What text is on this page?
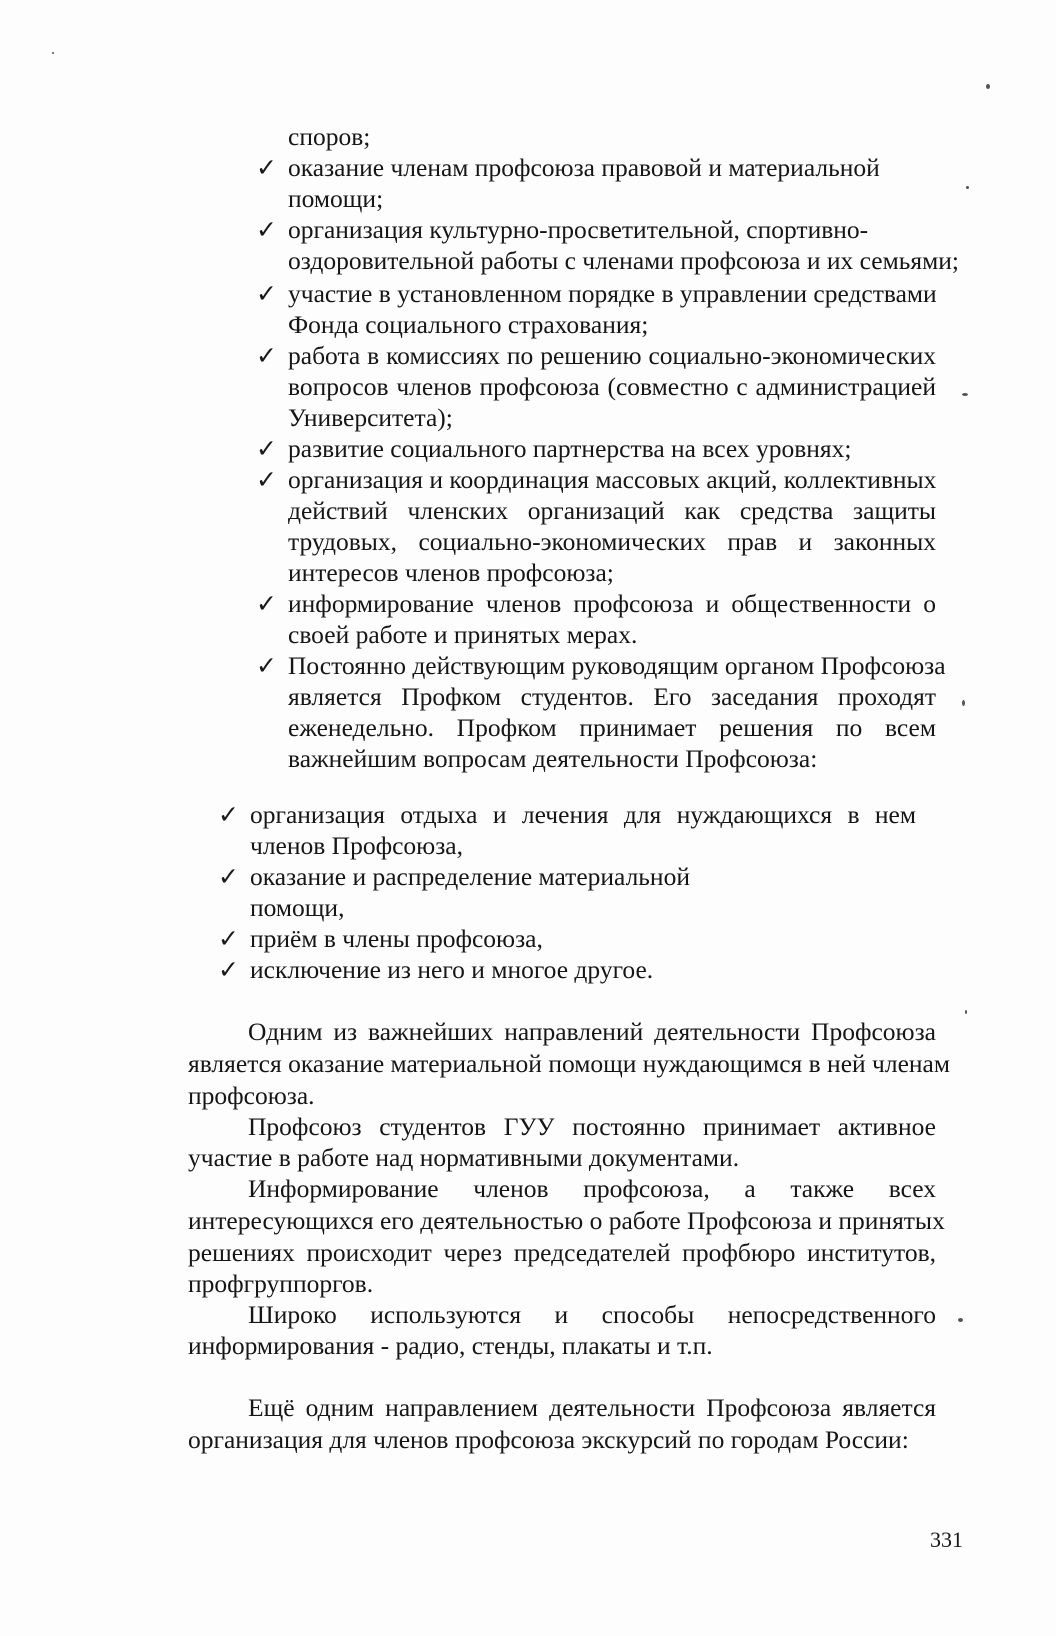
споров;
✓ оказание членам профсоюза правовой и материальной
помощи;
✓ организация культурно-просветительной, спортивно-
оздоровительной работы с членами профсоюза и их семьями;
✓ участие в установленном порядке в управлении средствами
Фонда социального страхования;
✓ работа в комиссиях по решению социально-экономических
вопросов членов профсоюза (совместно с администрацией
Университета);
✓ развитие социального партнерства на всех уровнях;
✓ организация и координация массовых акций, коллективных
действий членских организаций как средства защиты
трудовых, социально-экономических прав и законных
интересов членов профсоюза;
✓ информирование членов профсоюза и общественности о
своей работе и принятых мерах.
✓ Постоянно действующим руководящим органом Профсоюза
является Профком студентов. Его заседания проходят
еженедельно. Профком принимает решения по всем
важнейшим вопросам деятельности Профсоюза:
✓ организация отдыха и лечения для нуждающихся в нем
членов Профсоюза,
✓ оказание и распределение материальной
помощи,
✓ приём в члены профсоюза,
✓ исключение из него и многое другое.
Одним из важнейших направлений деятельности Профсоюза
является оказание материальной помощи нуждающимся в ней членам
профсоюза.
Профсоюз студентов ГУУ постоянно принимает активное
участие в работе над нормативными документами.
Информирование членов профсоюза, а также всех
интересующихся его деятельностью о работе Профсоюза и принятых
решениях происходит через председателей профбюро институтов,
профгруппоргов.
Широко используются и способы непосредственного
информирования - радио, стенды, плакаты и т.п.
Ещё одним направлением деятельности Профсоюза является
организация для членов профсоюза экскурсий по городам России:
331
